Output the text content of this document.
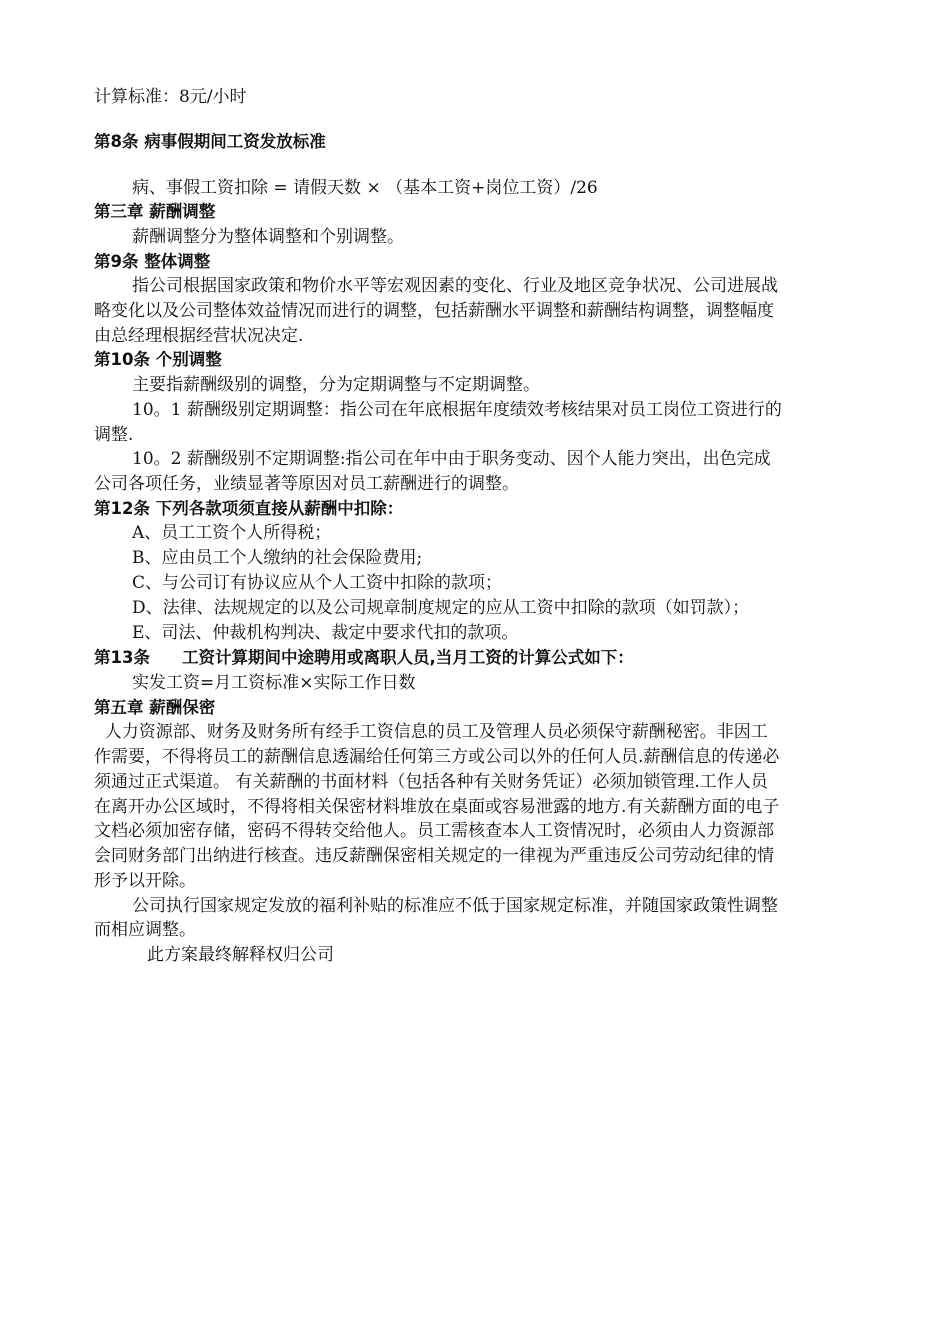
计算标准：8元/小时
第8条 病事假期间工资发放标准
病、事假工资扣除 = 请假天数 × （基本工资+岗位工资）/26
第三章 薪酬调整
薪酬调整分为整体调整和个别调整。
第9条 整体调整
指公司根据国家政策和物价水平等宏观因素的变化、行业及地区竞争状况、公司进展战
略变化以及公司整体效益情况而进行的调整，包括薪酬水平调整和薪酬结构调整，调整幅度
由总经理根据经营状况决定.
第10条 个别调整
主要指薪酬级别的调整，分为定期调整与不定期调整。
10。1 薪酬级别定期调整：指公司在年底根据年度绩效考核结果对员工岗位工资进行的
调整.
10。2 薪酬级别不定期调整:指公司在年中由于职务变动、因个人能力突出，出色完成
公司各项任务，业绩显著等原因对员工薪酬进行的调整。
第12条 下列各款项须直接从薪酬中扣除：
A、员工工资个人所得税；
B、应由员工个人缴纳的社会保险费用;
C、与公司订有协议应从个人工资中扣除的款项；
D、法律、法规规定的以及公司规章制度规定的应从工资中扣除的款项（如罚款）；
E、司法、仲裁机构判决、裁定中要求代扣的款项。
第13条 工资计算期间中途聘用或离职人员,当月工资的计算公式如下：
实发工资=月工资标准×实际工作日数
第五章 薪酬保密
人力资源部、财务及财务所有经手工资信息的员工及管理人员必须保守薪酬秘密。非因工
作需要，不得将员工的薪酬信息透漏给任何第三方或公司以外的任何人员.薪酬信息的传递必
须通过正式渠道。 有关薪酬的书面材料（包括各种有关财务凭证）必须加锁管理.工作人员
在离开办公区域时，不得将相关保密材料堆放在桌面或容易泄露的地方.有关薪酬方面的电子
文档必须加密存储，密码不得转交给他人。员工需核查本人工资情况时，必须由人力资源部
会同财务部门出纳进行核查。违反薪酬保密相关规定的一律视为严重违反公司劳动纪律的情
形予以开除。
公司执行国家规定发放的福利补贴的标准应不低于国家规定标准，并随国家政策性调整
而相应调整。
此方案最终解释权归公司
